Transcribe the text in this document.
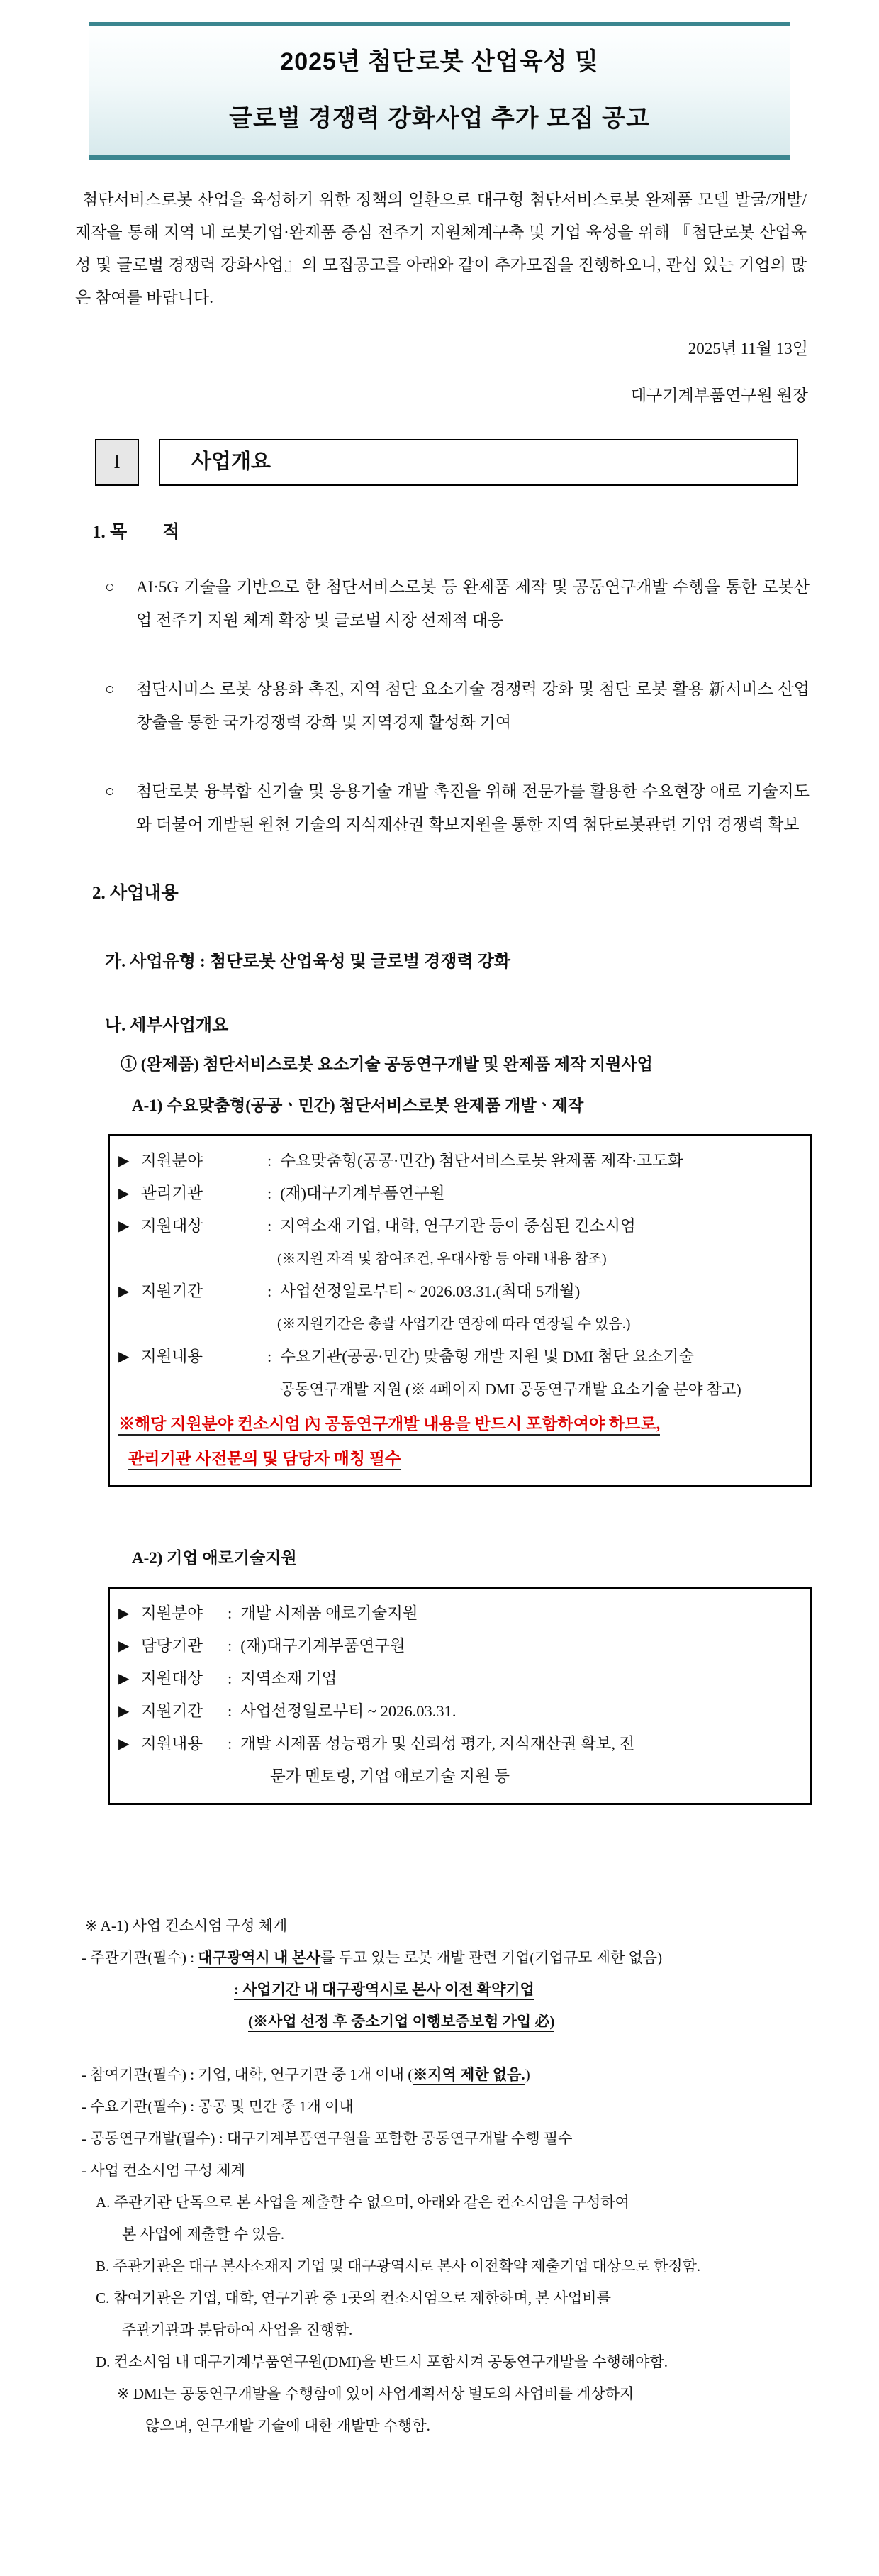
2025년 첨단로봇 산업육성 및
글로벌 경쟁력 강화사업 추가 모집 공고

첨단서비스로봇 산업을 육성하기 위한 정책의 일환으로 대구형 첨단서비스로봇 완제품 모델 발굴/개발/제작을 통해 지역 내 로봇기업·완제품 중심 전주기 지원체계구축 및 기업 육성을 위해 『첨단로봇 산업육성 및 글로벌 경쟁력 강화사업』의 모집공고를 아래와 같이 추가모집을 진행하오니, 관심 있는 기업의 많은 참여를 바랍니다.

2025년 11월 13일
대구기계부품연구원 원장
I	사업개요
1. 목　　적
○ AI·5G 기술을 기반으로 한 첨단서비스로봇 등 완제품 제작 및 공동연구개발 수행을 통한 로봇산업 전주기 지원 체계 확장 및 글로벌 시장 선제적 대응
○ 첨단서비스 로봇 상용화 촉진, 지역 첨단 요소기술 경쟁력 강화 및 첨단 로봇 활용 新서비스 산업 창출을 통한 국가경쟁력 강화 및 지역경제 활성화 기여
○ 첨단로봇 융복합 신기술 및 응용기술 개발 촉진을 위해 전문가를 활용한 수요현장 애로 기술지도와 더불어 개발된 원천 기술의 지식재산권 확보지원을 통한 지역 첨단로봇관련 기업 경쟁력 확보
2. 사업내용
가. 사업유형 : 첨단로봇 산업육성 및 글로벌 경쟁력 강화
나. 세부사업개요
① (완제품) 첨단서비스로봇 요소기술 공동연구개발 및 완제품 제작 지원사업
A-1) 수요맞춤형(공공ㆍ민간) 첨단서비스로봇 완제품 개발ㆍ제작
▶ 지원분야	: 수요맞춤형(공공·민간) 첨단서비스로봇 완제품 제작·고도화
▶ 관리기관	: (재)대구기계부품연구원
▶ 지원대상	: 지역소재 기업, 대학, 연구기관 등이 중심된 컨소시엄
(※지원 자격 및 참여조건, 우대사항 등 아래 내용 참조)
▶ 지원기간	: 사업선정일로부터 ~ 2026.03.31.(최대 5개월)
(※지원기간은 총괄 사업기간 연장에 따라 연장될 수 있음.)
▶ 지원내용	: 수요기관(공공·민간) 맞춤형 개발 지원 및 DMI 첨단 요소기술
공동연구개발 지원 (※ 4페이지 DMI 공동연구개발 요소기술 분야 참고)
※해당 지원분야 컨소시엄 內 공동연구개발 내용을 반드시 포함하여야 하므로,
관리기관 사전문의 및 담당자 매칭 필수
A-2) 기업 애로기술지원
▶ 지원분야	: 개발 시제품 애로기술지원
▶ 담당기관	: (재)대구기계부품연구원
▶ 지원대상	: 지역소재 기업
▶ 지원기간	: 사업선정일로부터 ~ 2026.03.31.
▶ 지원내용	: 개발 시제품 성능평가 및 신뢰성 평가, 지식재산권 확보, 전
문가 멘토링, 기업 애로기술 지원 등
※ A-1) 사업 컨소시엄 구성 체계
- 주관기관(필수) : 대구광역시 내 본사를 두고 있는 로봇 개발 관련 기업(기업규모 제한 없음)
: 사업기간 내 대구광역시로 본사 이전 확약기업
(※사업 선정 후 중소기업 이행보증보험 가입 必)
- 참여기관(필수) : 기업, 대학, 연구기관 중 1개 이내 (※지역 제한 없음.)
- 수요기관(필수) : 공공 및 민간 중 1개 이내
- 공동연구개발(필수) : 대구기계부품연구원을 포함한 공동연구개발 수행 필수
- 사업 컨소시엄 구성 체계
A. 주관기관 단독으로 본 사업을 제출할 수 없으며, 아래와 같은 컨소시엄을 구성하여
본 사업에 제출할 수 있음.
B. 주관기관은 대구 본사소재지 기업 및 대구광역시로 본사 이전확약 제출기업 대상으로 한정함.
C. 참여기관은 기업, 대학, 연구기관 중 1곳의 컨소시엄으로 제한하며, 본 사업비를
주관기관과 분담하여 사업을 진행함.
D. 컨소시엄 내 대구기계부품연구원(DMI)을 반드시 포함시켜 공동연구개발을 수행해야함.
※ DMI는 공동연구개발을 수행함에 있어 사업계획서상 별도의 사업비를 계상하지
않으며, 연구개발 기술에 대한 개발만 수행함.
